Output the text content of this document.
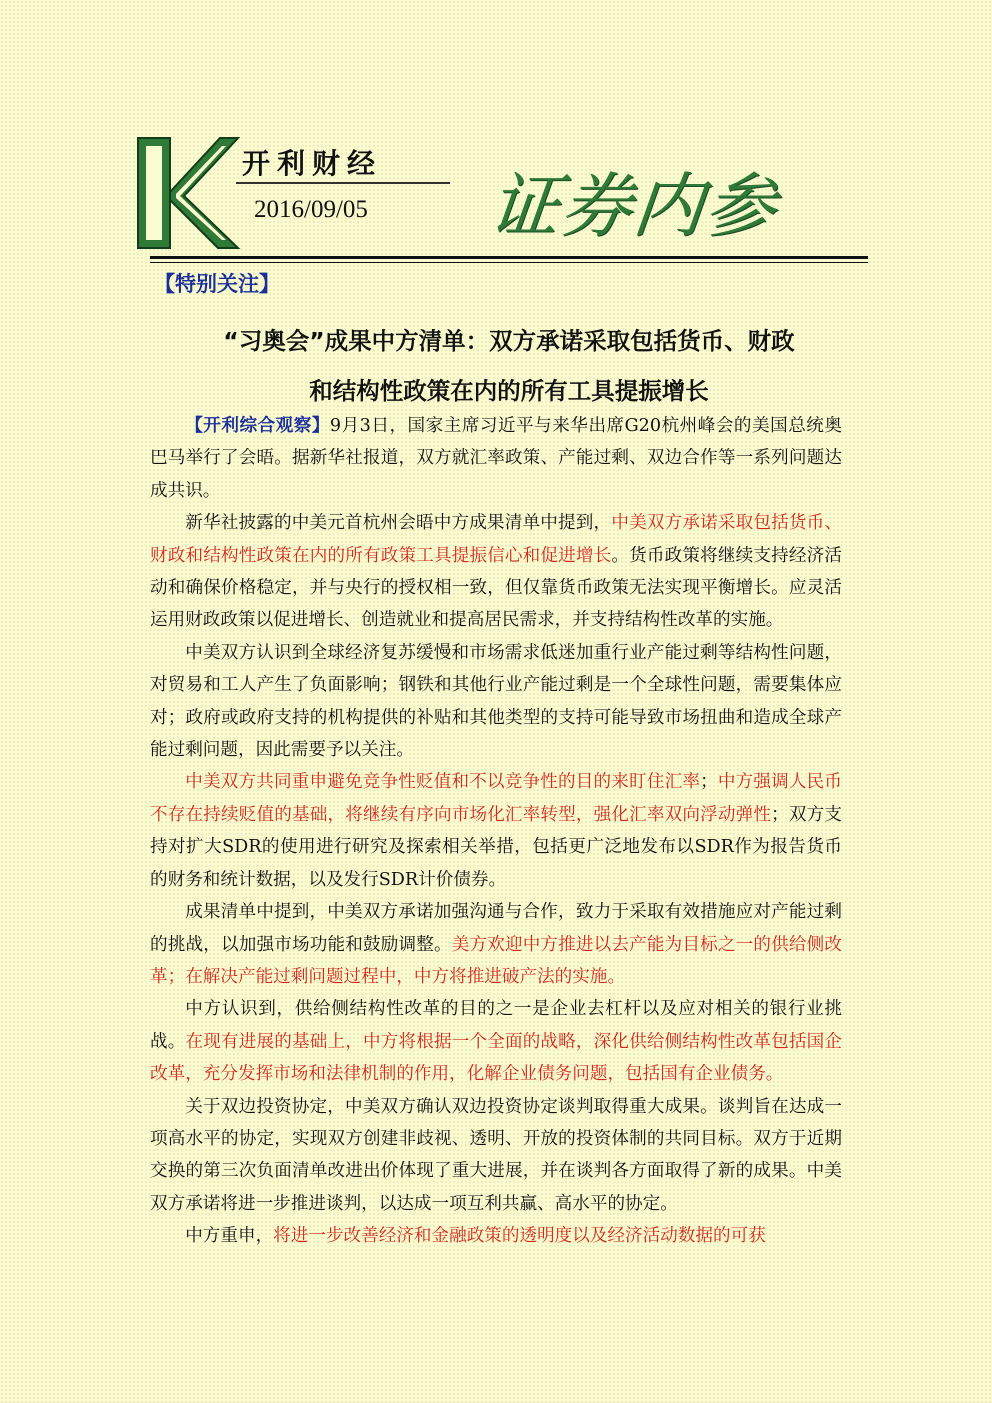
开利财经
2016/09/05 证券内参
【特别关注】
“习奥会”成果中方清单：双方承诺采取包括货币、财政
和结构性政策在内的所有工具提振增长

【开利综合观察】9月3日，国家主席习近平与来华出席G20杭州峰会的美国总统奥巴马举行了会晤。据新华社报道，双方就汇率政策、产能过剩、双边合作等一系列问题达成共识。

新华社披露的中美元首杭州会晤中方成果清单中提到，中美双方承诺采取包括货币、财政和结构性政策在内的所有政策工具提振信心和促进增长。货币政策将继续支持经济活动和确保价格稳定，并与央行的授权相一致，但仅靠货币政策无法实现平衡增长。应灵活运用财政政策以促进增长、创造就业和提高居民需求，并支持结构性改革的实施。

中美双方认识到全球经济复苏缓慢和市场需求低迷加重行业产能过剩等结构性问题，对贸易和工人产生了负面影响；钢铁和其他行业产能过剩是一个全球性问题，需要集体应对；政府或政府支持的机构提供的补贴和其他类型的支持可能导致市场扭曲和造成全球产能过剩问题，因此需要予以关注。

中美双方共同重申避免竞争性贬值和不以竞争性的目的来盯住汇率；中方强调人民币不存在持续贬值的基础，将继续有序向市场化汇率转型，强化汇率双向浮动弹性；双方支持对扩大SDR的使用进行研究及探索相关举措，包括更广泛地发布以SDR作为报告货币的财务和统计数据，以及发行SDR计价债券。

成果清单中提到，中美双方承诺加强沟通与合作，致力于采取有效措施应对产能过剩的挑战，以加强市场功能和鼓励调整。美方欢迎中方推进以去产能为目标之一的供给侧改革；在解决产能过剩问题过程中，中方将推进破产法的实施。

中方认识到，供给侧结构性改革的目的之一是企业去杠杆以及应对相关的银行业挑战。在现有进展的基础上，中方将根据一个全面的战略，深化供给侧结构性改革包括国企改革，充分发挥市场和法律机制的作用，化解企业债务问题，包括国有企业债务。

关于双边投资协定，中美双方确认双边投资协定谈判取得重大成果。谈判旨在达成一项高水平的协定，实现双方创建非歧视、透明、开放的投资体制的共同目标。双方于近期交换的第三次负面清单改进出价体现了重大进展，并在谈判各方面取得了新的成果。中美双方承诺将进一步推进谈判，以达成一项互利共赢、高水平的协定。

中方重申，将进一步改善经济和金融政策的透明度以及经济活动数据的可获
